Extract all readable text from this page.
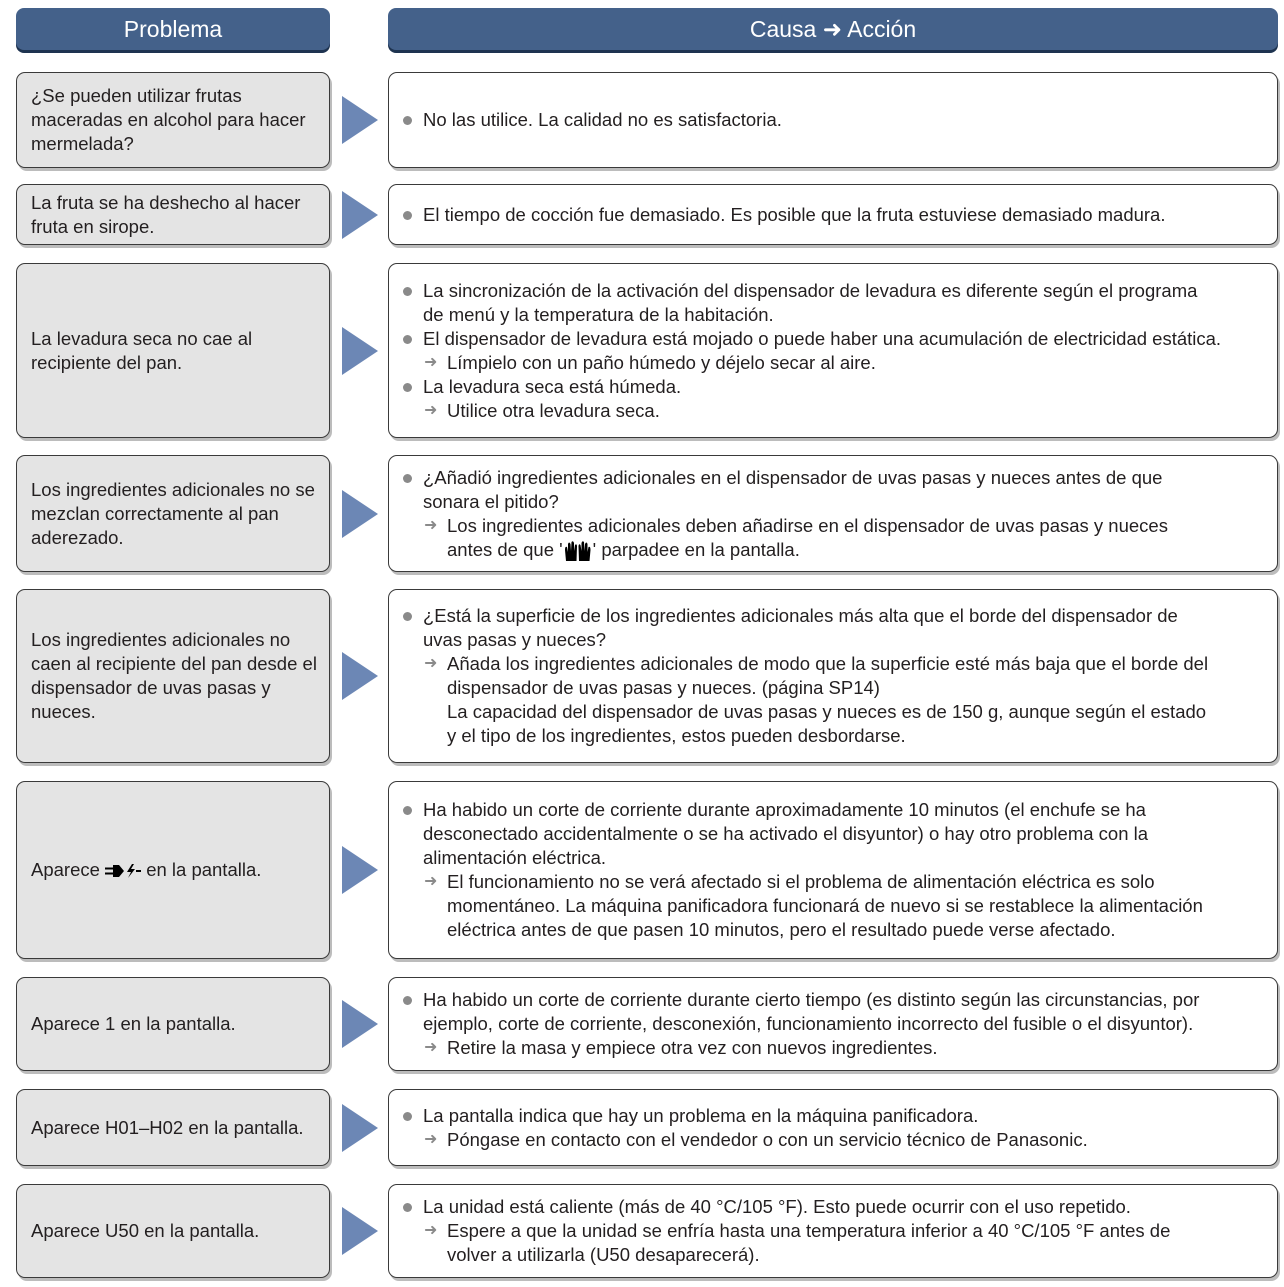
Problema	Causa ➜ Acción
¿Se pueden utilizar frutas maceradas en alcohol para hacer mermelada?
No las utilice. La calidad no es satisfactoria.
La fruta se ha deshecho al hacer fruta en sirope.
El tiempo de cocción fue demasiado. Es posible que la fruta estuviese demasiado madura.
La levadura seca no cae al recipiente del pan.
La sincronización de la activación del dispensador de levadura es diferente según el programa
de menú y la temperatura de la habitación.
El dispensador de levadura está mojado o puede haber una acumulación de electricidad estática.
➜ Límpielo con un paño húmedo y déjelo secar al aire.
La levadura seca está húmeda.
➜ Utilice otra levadura seca.
Los ingredientes adicionales no se mezclan correctamente al pan aderezado.
¿Añadió ingredientes adicionales en el dispensador de uvas pasas y nueces antes de que
sonara el pitido?
➜ Los ingredientes adicionales deben añadirse en el dispensador de uvas pasas y nueces
antes de que ' ' parpadee en la pantalla.
Los ingredientes adicionales no caen al recipiente del pan desde el dispensador de uvas pasas y nueces.
¿Está la superficie de los ingredientes adicionales más alta que el borde del dispensador de
uvas pasas y nueces?
➜ Añada los ingredientes adicionales de modo que la superficie esté más baja que el borde del
dispensador de uvas pasas y nueces. (página SP14)
La capacidad del dispensador de uvas pasas y nueces es de 150 g, aunque según el estado
y el tipo de los ingredientes, estos pueden desbordarse.
Aparece	en la pantalla.
Ha habido un corte de corriente durante aproximadamente 10 minutos (el enchufe se ha
desconectado accidentalmente o se ha activado el disyuntor) o hay otro problema con la
alimentación eléctrica.
➜ El funcionamiento no se verá afectado si el problema de alimentación eléctrica es solo
momentáneo. La máquina panificadora funcionará de nuevo si se restablece la alimentación
eléctrica antes de que pasen 10 minutos, pero el resultado puede verse afectado.
Aparece 1 en la pantalla.
Ha habido un corte de corriente durante cierto tiempo (es distinto según las circunstancias, por
ejemplo, corte de corriente, desconexión, funcionamiento incorrecto del fusible o el disyuntor).
➜ Retire la masa y empiece otra vez con nuevos ingredientes.
Aparece H01–H02 en la pantalla.
La pantalla indica que hay un problema en la máquina panificadora.
➜ Póngase en contacto con el vendedor o con un servicio técnico de Panasonic.
Aparece U50 en la pantalla.
La unidad está caliente (más de 40 °C/105 °F). Esto puede ocurrir con el uso repetido.
➜ Espere a que la unidad se enfría hasta una temperatura inferior a 40 °C/105 °F antes de
volver a utilizarla (U50 desaparecerá).
